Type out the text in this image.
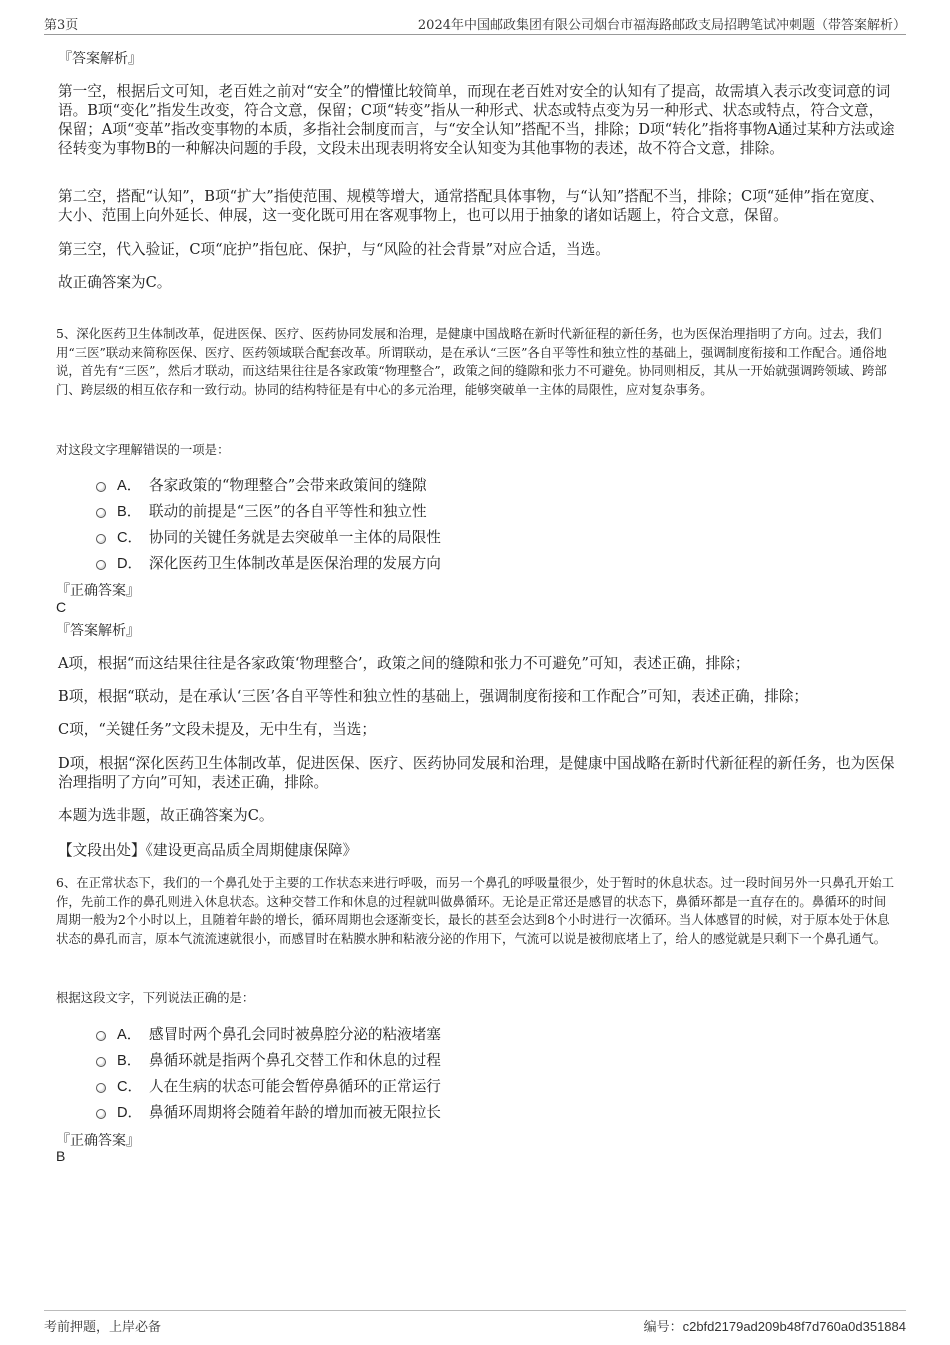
第3页	2024年中国邮政集团有限公司烟台市福海路邮政支局招聘笔试冲刺题（带答案解析）
『答案解析』

第一空，根据后文可知，老百姓之前对“安全”的懵懂比较简单，而现在老百姓对安全的认知有了提高，故需填入表示改变词意的词语。B项“变化”指发生改变，符合文意，保留；C项“转变”指从一种形式、状态或特点变为另一种形式、状态或特点，符合文意，保留；A项“变革”指改变事物的本质，多指社会制度而言，与“安全认知”搭配不当，排除；D项“转化”指将事物A通过某种方法或途径转变为事物B的一种解决问题的手段，文段未出现表明将安全认知变为其他事物的表述，故不符合文意，排除。

第二空，搭配“认知”，B项“扩大”指使范围、规模等增大，通常搭配具体事物，与“认知”搭配不当，排除；C项“延伸”指在宽度、大小、范围上向外延长、伸展，这一变化既可用在客观事物上，也可以用于抽象的诸如话题上，符合文意，保留。

第三空，代入验证，C项“庇护”指包庇、保护，与“风险的社会背景”对应合适，当选。

故正确答案为C。

5、深化医药卫生体制改革，促进医保、医疗、医药协同发展和治理，是健康中国战略在新时代新征程的新任务，也为医保治理指明了方向。过去，我们用“三医”联动来简称医保、医疗、医药领域联合配套改革。所谓联动，是在承认“三医”各自平等性和独立性的基础上，强调制度衔接和工作配合。通俗地说，首先有“三医”，然后才联动，而这结果往往是各家政策“物理整合”，政策之间的缝隙和张力不可避免。协同则相反，其从一开始就强调跨领域、跨部门、跨层级的相互依存和一致行动。协同的结构特征是有中心的多元治理，能够突破单一主体的局限性，应对复杂事务。

对这段文字理解错误的一项是：
A． 各家政策的“物理整合”会带来政策间的缝隙
B． 联动的前提是“三医”的各自平等性和独立性
C． 协同的关键任务就是去突破单一主体的局限性
D． 深化医药卫生体制改革是医保治理的发展方向
『正确答案』
C
『答案解析』

A项，根据“而这结果往往是各家政策‘物理整合’，政策之间的缝隙和张力不可避免”可知，表述正确，排除；

B项，根据“联动，是在承认‘三医’各自平等性和独立性的基础上，强调制度衔接和工作配合”可知，表述正确，排除；

C项，“关键任务”文段未提及，无中生有，当选；

D项，根据“深化医药卫生体制改革，促进医保、医疗、医药协同发展和治理，是健康中国战略在新时代新征程的新任务，也为医保治理指明了方向”可知，表述正确，排除。

本题为选非题，故正确答案为C。

【文段出处】《建设更高品质全周期健康保障》

6、在正常状态下，我们的一个鼻孔处于主要的工作状态来进行呼吸，而另一个鼻孔的呼吸量很少，处于暂时的休息状态。过一段时间另外一只鼻孔开始工作，先前工作的鼻孔则进入休息状态。这种交替工作和休息的过程就叫做鼻循环。无论是正常还是感冒的状态下，鼻循环都是一直存在的。鼻循环的时间周期一般为2个小时以上，且随着年龄的增长，循环周期也会逐渐变长，最长的甚至会达到8个小时进行一次循环。当人体感冒的时候，对于原本处于休息状态的鼻孔而言，原本气流流速就很小，而感冒时在粘膜水肿和粘液分泌的作用下，气流可以说是被彻底堵上了，给人的感觉就是只剩下一个鼻孔通气。

根据这段文字，下列说法正确的是：
A． 感冒时两个鼻孔会同时被鼻腔分泌的粘液堵塞
B． 鼻循环就是指两个鼻孔交替工作和休息的过程
C． 人在生病的状态可能会暂停鼻循环的正常运行
D． 鼻循环周期将会随着年龄的增加而被无限拉长
『正确答案』
B
考前押题，上岸必备	编号：c2bfd2179ad209b48f7d760a0d351884
